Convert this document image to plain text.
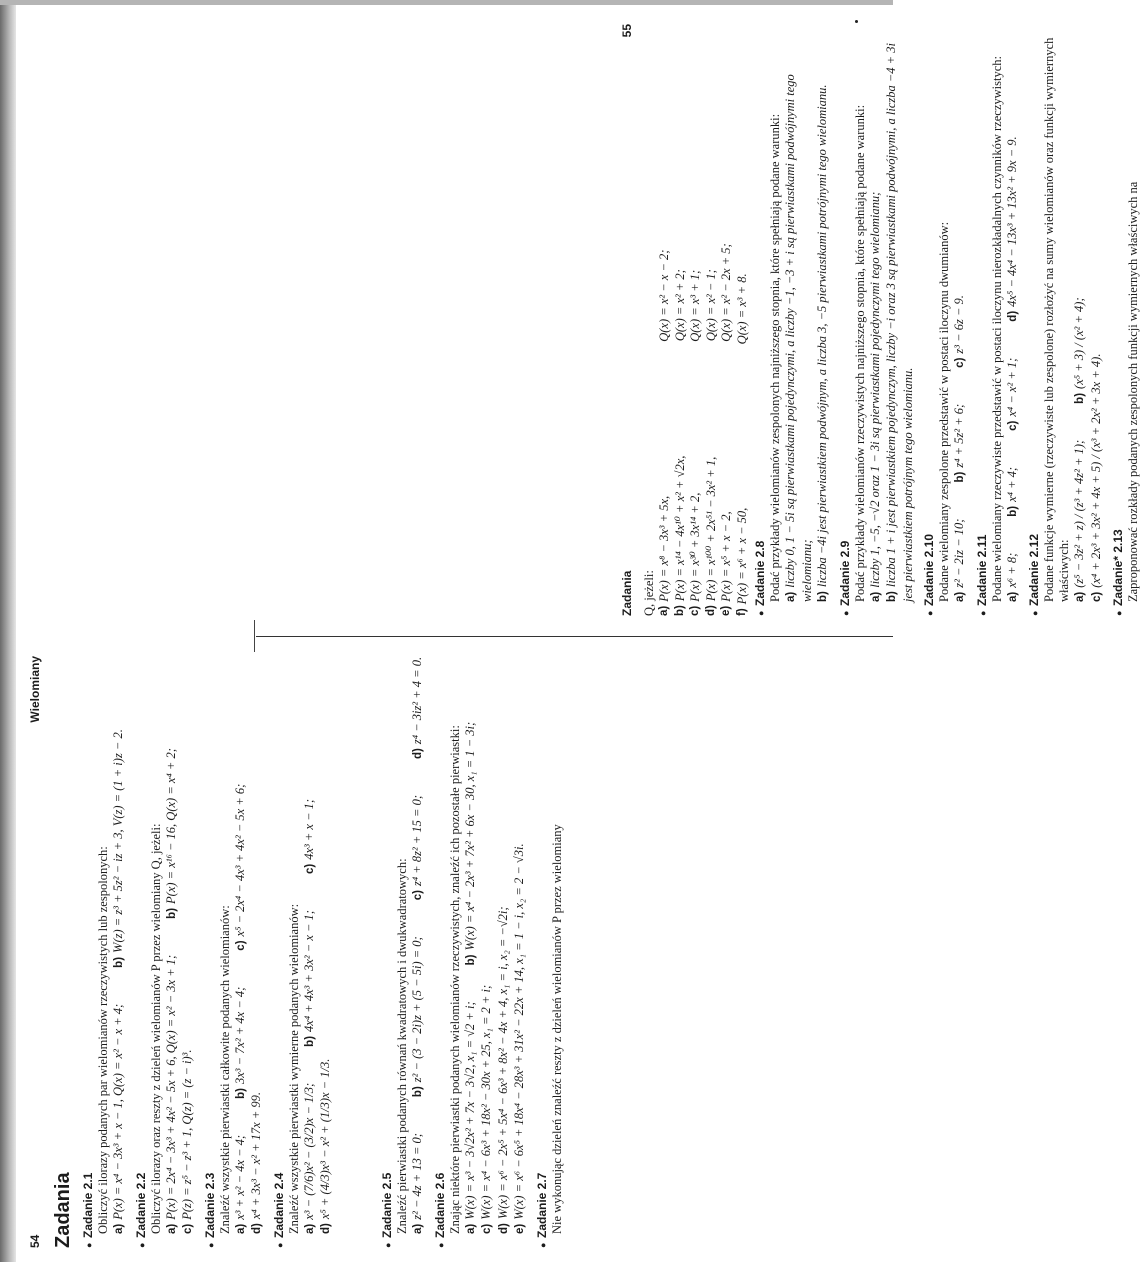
54
Wielomiany
Zadania	●Zadanie 2.1 Obliczyć ilorazy podanych par wielomianów rzeczywistych lub zespolonych: a)P(x) = x⁴ − 3x³ + x − 1, Q(x) = x² − x + 4;
b)W(z) = z³ + 5z² − iz + 3, V(z) = (1 + i)z − 2.
●Zadanie 2.2 Obliczyć ilorazy oraz reszty z dzieleń wielomianów P przez wielomiany Q, jeżeli: a)P(x) = 2x⁴ − 3x³ + 4x² − 5x + 6, Q(x) = x² − 3x + 1;
b)P(x) = x¹⁶ − 16, Q(x) = x⁴ + 2;
c)P(z) = z⁵ − z³ + 1, Q(z) = (z − i)³.
●Zadanie 2.3 Znaleźć wszystkie pierwiastki całkowite podanych wielomianów: a)x³ + x² − 4x − 4;
b)3x³ − 7x² + 4x − 4;
c)x⁵ − 2x⁴ − 4x³ + 4x² − 5x + 6;
d)x⁴ + 3x³ − x² + 17x + 99.
●Zadanie 2.4 Znaleźć wszystkie pierwiastki wymierne podanych wielomianów: a)x³ − (7/6)x² − (3/2)x − 1/3;
b)4x⁴ + 4x³ + 3x² − x − 1;
c)4x³ + x − 1;
d)x⁵ + (4/3)x³ − x² + (1/3)x − 1/3.
●Zadanie 2.5 Znaleźć pierwiastki podanych równań kwadratowych i dwukwadratowych: a)z² − 4z + 13 = 0;
b)z² − (3 − 2i)z + (5 − 5i) = 0;
c)z⁴ + 8z² + 15 = 0;
d)z⁴ − 3iz² + 4 = 0.
●Zadanie 2.6 Znając niektóre pierwiastki podanych wielomianów rzeczywistych, znaleźć ich pozostałe pierwiastki: a)W(x) = x³ − 3√2x² + 7x − 3√2, x₁ = √2 + i;
b)W(x) = x⁴ − 2x³ + 7x² + 6x − 30, x₁ = 1 − 3i;
c)W(x) = x⁴ − 6x³ + 18x² − 30x + 25, x₁ = 2 + i;
d)W(x) = x⁶ − 2x⁵ + 5x⁴ − 6x³ + 8x² − 4x + 4, x₁ = i, x₂ = −√2i;
e)W(x) = x⁶ − 6x⁵ + 18x⁴ − 28x³ + 31x² − 22x + 14, x₁ = 1 − i, x₂ = 2 − √3i.
●Zadanie 2.7 Nie wykonując dzieleń znaleźć reszty z dzieleń wielomianów P przez wielomiany
Zadania
55
Q, jeżeli: a)
P(x) = x⁸ − 3x³ + 5x,
Q(x) = x² − x − 2;
b)
P(x) = x¹⁴ − 4x¹⁰ + x² + √2x,
Q(x) = x² + 2;
c)
P(x) = x³⁰ + 3x¹⁴ + 2,
Q(x) = x³ + 1;
d)
P(x) = x¹⁰⁰ + 2x⁵¹ − 3x² + 1,
Q(x) = x² − 1;
e)
P(x) = x⁵ + x − 2,
Q(x) = x² − 2x + 5;
f)
P(x) = x⁶ + x − 50,
Q(x) = x³ + 8.
●Zadanie 2.8 Podać przykłady wielomianów zespolonych najniższego stopnia, które spełniają podane warunki: a)liczby 0, 1 − 5i są pierwiastkami pojedynczymi, a liczby −1, −3 + i są pierwiastkami podwójnymi tego wielomianu; b)liczba −4i jest pierwiastkiem podwójnym, a liczba 3, −5 pierwiastkami potrójnymi tego wielomianu.
●Zadanie 2.9 Podać przykłady wielomianów rzeczywistych najniższego stopnia, które spełniają podane warunki: a)liczby 1, −5, −√2 oraz 1 − 3i są pierwiastkami pojedynczymi tego wielomianu;
b)liczba 1 + i jest pierwiastkiem pojedynczym, liczby −i oraz 3 są pierwiastkami podwójnymi, a liczba −4 + 3i jest pierwiastkiem potrójnym tego wielomianu.
●Zadanie 2.10 Podane wielomiany zespolone przedstawić w postaci iloczynu dwumianów: a)z² − 2iz − 10;
b)z⁴ + 5z² + 6;
c)z³ − 6z − 9.
●Zadanie 2.11 Podane wielomiany rzeczywiste przedstawić w postaci iloczynu nierozkładalnych czynników rzeczywistych: a)x⁶ + 8;
b)x⁴ + 4;
c)x⁴ − x² + 1;
d)4x⁵ − 4x⁴ − 13x³ + 13x² + 9x − 9.
●Zadanie 2.12 Podane funkcje wymierne (rzeczywiste lub zespolone) rozłożyć na sumy wielomianów oraz funkcji wymiernych właściwych: a)(z⁵ − 3z² + z) / (z³ + 4z² + 1);
b)(x⁵ + 3) / (x² + 4);
c)(x⁴ + 2x³ + 3x² + 4x + 5) / (x³ + 2x² + 3x + 4).
●Zadanie* 2.13 Zaproponować rozkłady podanych zespolonych funkcji wymiernych właściwych na
